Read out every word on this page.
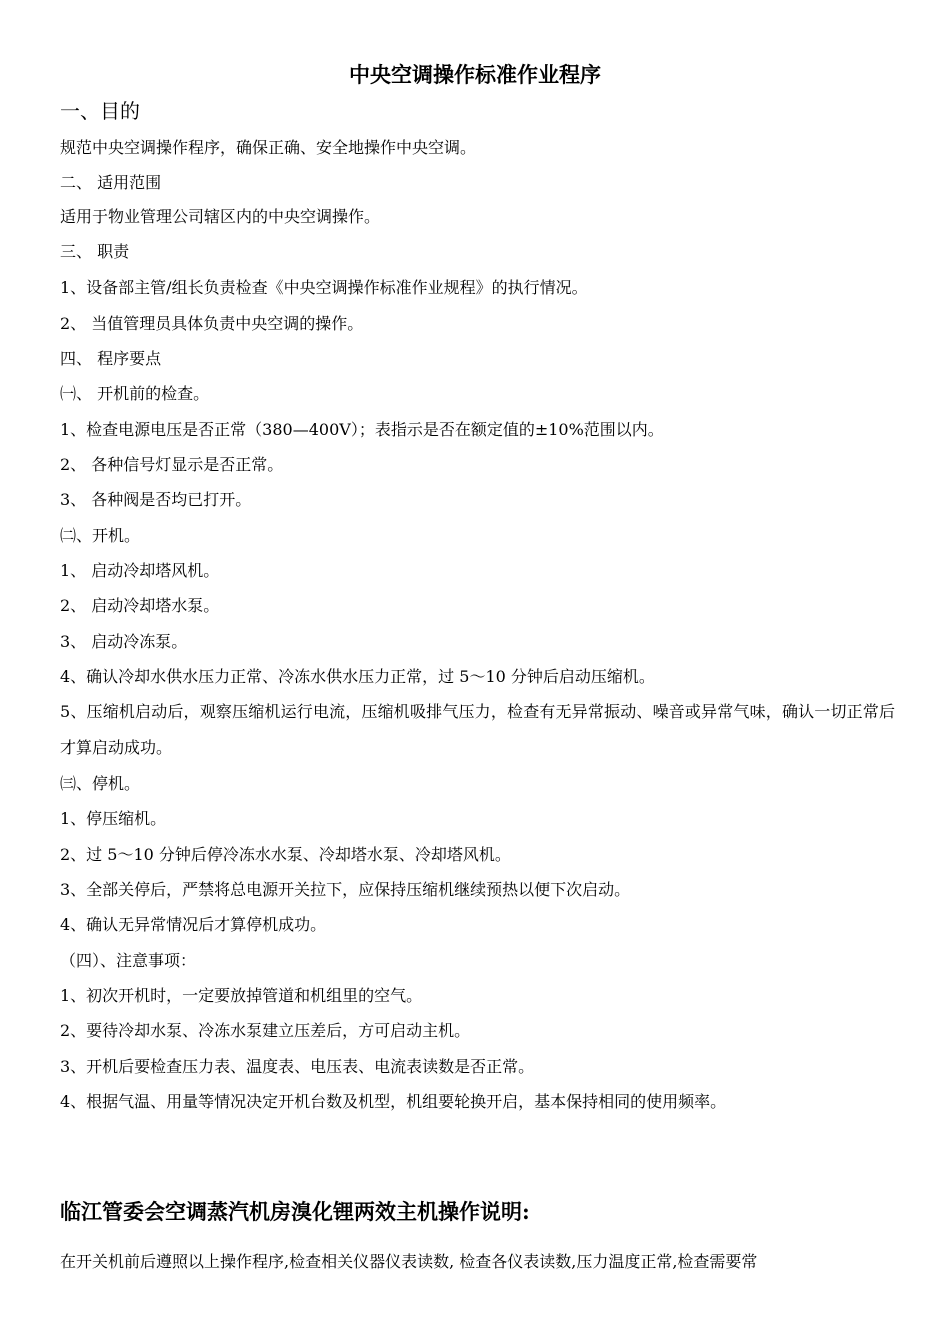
中央空调操作标准作业程序
一、目的
规范中央空调操作程序，确保正确、安全地操作中央空调。
二、 适用范围
适用于物业管理公司辖区内的中央空调操作。
三、 职责
1、设备部主管/组长负责检查《中央空调操作标准作业规程》的执行情况。
2、 当值管理员具体负责中央空调的操作。
四、 程序要点
㈠、 开机前的检查。
1、检查电源电压是否正常（380—400V）；表指示是否在额定值的±10%范围以内。
2、 各种信号灯显示是否正常。
3、 各种阀是否均已打开。
㈡、开机。
1、 启动冷却塔风机。
2、 启动冷却塔水泵。
3、 启动冷冻泵。
4、确认冷却水供水压力正常、冷冻水供水压力正常，过 5～10 分钟后启动压缩机。
5、压缩机启动后，观察压缩机运行电流，压缩机吸排气压力，检查有无异常振动、噪音或异常气味，确认一切正常后才算启动成功。
㈢、停机。
1、停压缩机。
2、过 5～10 分钟后停冷冻水水泵、冷却塔水泵、冷却塔风机。
3、全部关停后，严禁将总电源开关拉下，应保持压缩机继续预热以便下次启动。
4、确认无异常情况后才算停机成功。
（四）、注意事项：
1、初次开机时，一定要放掉管道和机组里的空气。
2、要待冷却水泵、冷冻水泵建立压差后，方可启动主机。
3、开机后要检查压力表、温度表、电压表、电流表读数是否正常。
4、根据气温、用量等情况决定开机台数及机型，机组要轮换开启，基本保持相同的使用频率。
临江管委会空调蒸汽机房溴化锂两效主机操作说明:
在开关机前后遵照以上操作程序,检查相关仪器仪表读数, 检查各仪表读数,压力温度正常,检查需要常
